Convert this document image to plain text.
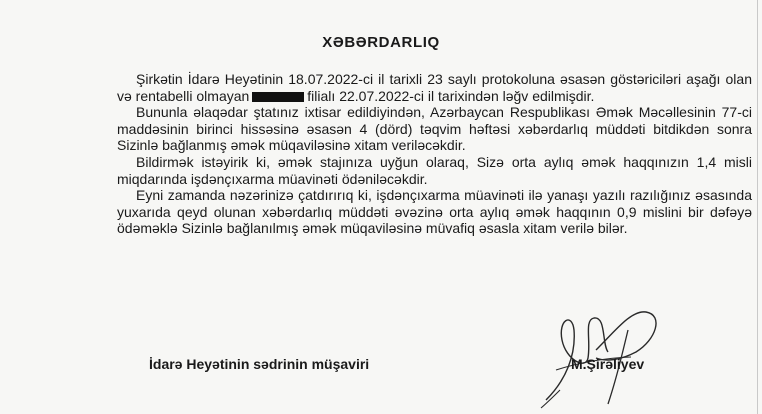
XƏBƏRDARLIQ

Şirkətin İdarə Heyətinin 18.07.2022-ci il tarixli 23 saylı protokoluna əsasən göstəriciləri aşağı olan və rentabelli olmayan	filialı 22.07.2022-ci il tarixindən ləğv edilmişdir.

Bununla əlaqədar ştatınız ixtisar edildiyindən, Azərbaycan Respublikası Əmək Məcəllesinin 77-ci maddəsinin birinci hissəsinə əsasən 4 (dörd) təqvim həftəsi xəbərdarlıq müddəti bitdikdən sonra Sizinlə bağlanmış əmək müqaviləsinə xitam veriləcəkdir.

Bildirmək istəyirik ki, əmək stajınıza uyğun olaraq, Sizə orta aylıq əmək haqqınızın 1,4 misli miqdarında işdənçıxarma müavinəti ödəniləcəkdir.

Eyni zamanda nəzərinizə çatdırırıq ki, işdənçıxarma müavinəti ilə yanaşı yazılı razılığınız əsasında yuxarıda qeyd olunan xəbərdarlıq müddəti əvəzinə orta aylıq əmək haqqının 0,9 mislini bir dəfəyə ödəməklə Sizinlə bağlanılmış əmək müqaviləsinə müvafiq əsasla xitam verilə bilər.

İdarə Heyətinin sədrinin müşaviri	M.Şirəliyev
